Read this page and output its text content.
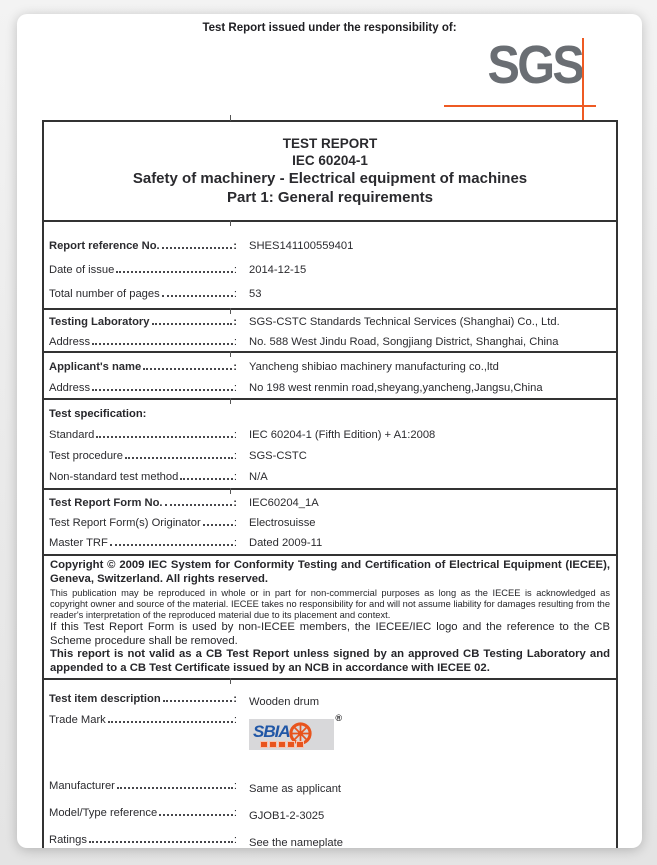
Test Report issued under the responsibility of:
SGS
TEST REPORT
IEC 60204-1
Safety of machinery - Electrical equipment of machines
Part 1: General requirements
Report reference No.
:	SHES141100559401
Date of issue
:	2014-12-15
Total number of pages
:	53
Testing Laboratory
:	SGS-CSTC Standards Technical Services (Shanghai) Co., Ltd.
Address
:	No. 588 West Jindu Road, Songjiang District, Shanghai, China
Applicant's name
:	Yancheng shibiao machinery manufacturing co.,ltd
Address
:	No 198 west renmin road,sheyang,yancheng,Jangsu,China
Test specification:
Standard
:	IEC 60204-1 (Fifth Edition) + A1:2008
Test procedure
:	SGS-CSTC
Non-standard test method
:	N/A
Test Report Form No.
:	IEC60204_1A
Test Report Form(s) Originator
:	Electrosuisse
Master TRF
:	Dated 2009-11

Copyright © 2009 IEC System for Conformity Testing and Certification of Electrical Equipment (IECEE), Geneva, Switzerland. All rights reserved.

This publication may be reproduced in whole or in part for non-commercial purposes as long as the IECEE is acknowledged as copyright owner and source of the material. IECEE takes no responsibility for and will not assume liability for damages resulting from the reader's interpretation of the reproduced material due to its placement and context.

If this Test Report Form is used by non-IECEE members, the IECEE/IEC logo and the reference to the CB Scheme procedure shall be removed.

This report is not valid as a CB Test Report unless signed by an approved CB Testing Laboratory and appended to a CB Test Certificate issued by an NCB in accordance with IECEE 02.

Test item description
:	Wooden drum
Trade Mark
:
SBIA
®
Manufacturer
:	Same as applicant
Model/Type reference
:	GJOB1-2-3025
Ratings
:	See the nameplate
